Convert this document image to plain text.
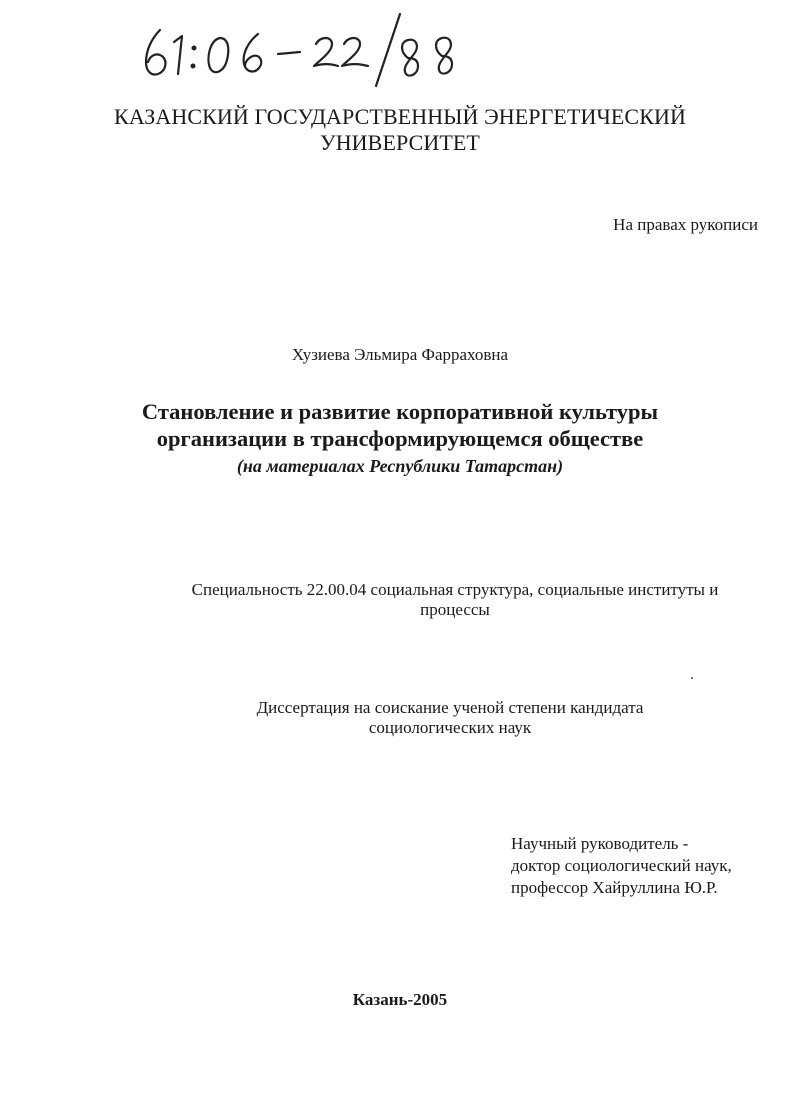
КАЗАНСКИЙ ГОСУДАРСТВЕННЫЙ ЭНЕРГЕТИЧЕСКИЙ
УНИВЕРСИТЕТ
На правах рукописи
Хузиева Эльмира Фарраховна
Становление и развитие корпоративной культуры
организации в трансформирующемся обществе
(на материалах Республики Татарстан)
Специальность 22.00.04 социальная структура, социальные институты и
процессы
Диссертация на соискание ученой степени кандидата
социологических наук
Научный руководитель -
доктор социологический наук,
профессор Хайруллина Ю.Р.
Казань-2005
